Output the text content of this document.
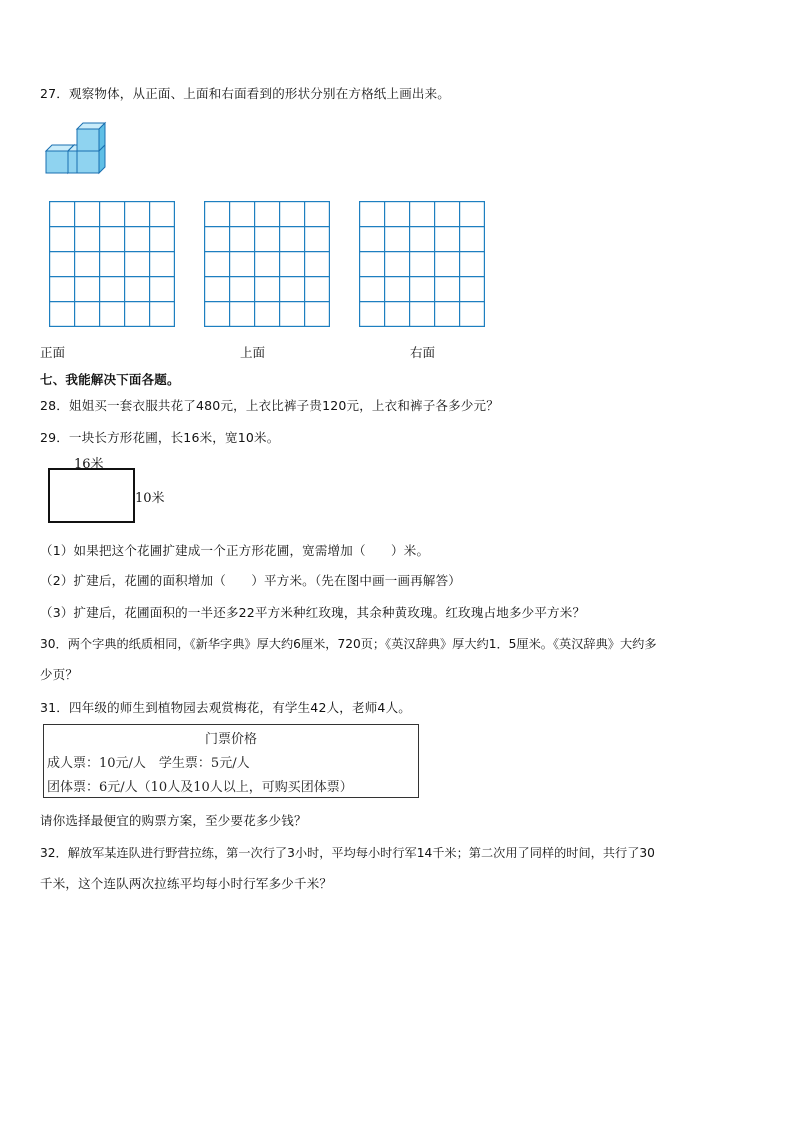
27．观察物体，从正面、上面和右面看到的形状分别在方格纸上画出来。
正面	上面	右面
七、我能解决下面各题。
28．姐姐买一套衣服共花了480元，上衣比裤子贵120元，上衣和裤子各多少元？
29．一块长方形花圃，长16米，宽10米。
16米
10米
（1）如果把这个花圃扩建成一个正方形花圃，宽需增加（　　）米。
（2）扩建后，花圃的面积增加（　　）平方米。（先在图中画一画再解答）
（3）扩建后，花圃面积的一半还多22平方米种红玫瑰，其余种黄玫瑰。红玫瑰占地多少平方米？
30．两个字典的纸质相同，《新华字典》厚大约6厘米，720页；《英汉辞典》厚大约1．5厘米。《英汉辞典》大约多
少页？
31．四年级的师生到植物园去观赏梅花，有学生42人，老师4人。
门票价格
成人票：10元/人　学生票：5元/人
团体票：6元/人（10人及10人以上，可购买团体票）
请你选择最便宜的购票方案，至少要花多少钱？
32．解放军某连队进行野营拉练，第一次行了3小时，平均每小时行军14千米；第二次用了同样的时间，共行了30
千米，这个连队两次拉练平均每小时行军多少千米？
